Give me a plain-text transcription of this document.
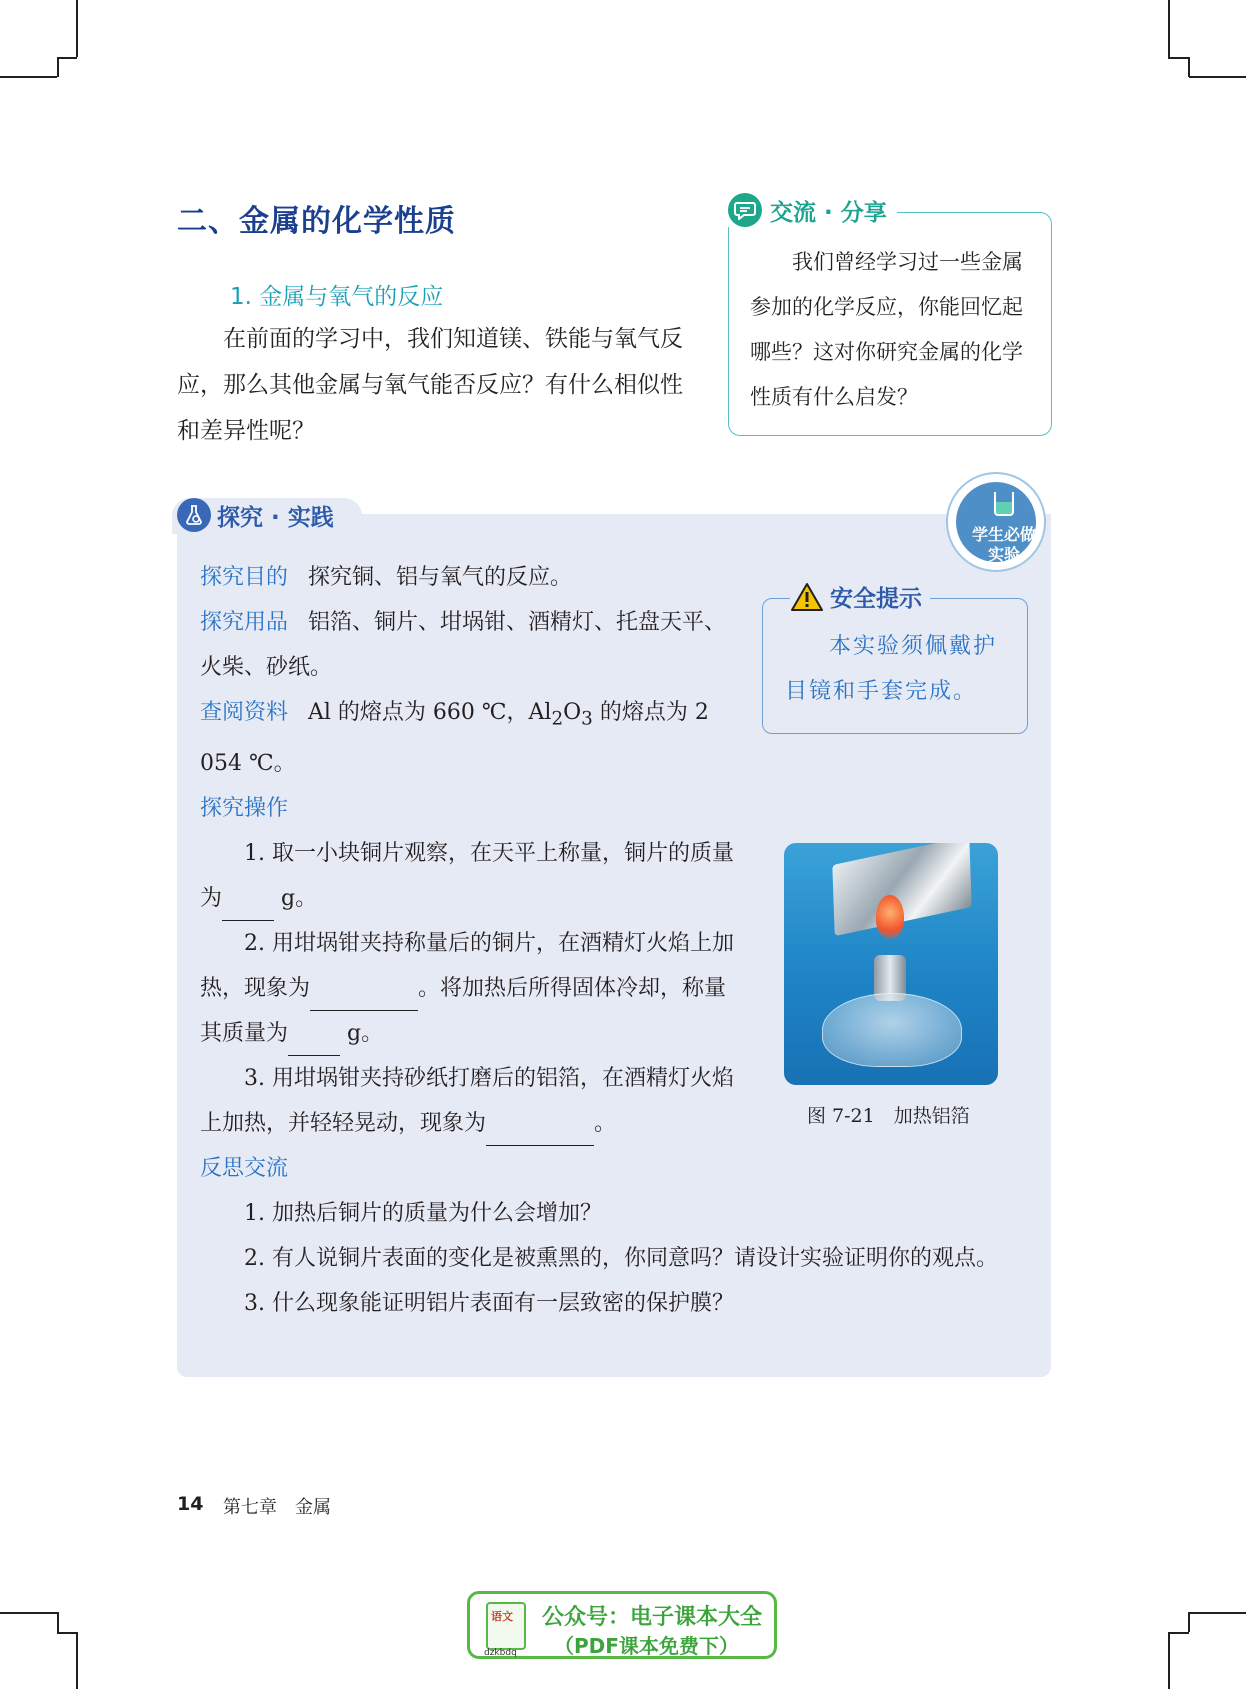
二、金属的化学性质
1. 金属与氧气的反应

在前面的学习中，我们知道镁、铁能与氧气反应，那么其他金属与氧气能否反应？有什么相似性和差异性呢？

交流 · 分享

我们曾经学习过一些金属参加的化学反应，你能回忆起哪些？这对你研究金属的化学性质有什么启发？

探究 · 实践
学生必做
实验

探究目的 探究铜、铝与氧气的反应。

探究用品 铝箔、铜片、坩埚钳、酒精灯、托盘天平、火柴、砂纸。

查阅资料 Al 的熔点为 660 ℃，$Al_2O_3$ 的熔点为 2 054 ℃。

探究操作

1. 取一小块铜片观察，在天平上称量，铜片的质量为 g。

2. 用坩埚钳夹持称量后的铜片，在酒精灯火焰上加热，现象为	。将加热后所得固体冷却，称量其质量为 g。

3. 用坩埚钳夹持砂纸打磨后的铝箔，在酒精灯火焰上加热，并轻轻晃动，现象为	。

反思交流

1. 加热后铜片的质量为什么会增加？

2. 有人说铜片表面的变化是被熏黑的，你同意吗？请设计实验证明你的观点。

3. 什么现象能证明铝片表面有一层致密的保护膜？

安全提示

本实验须佩戴护目镜和手套完成。

图 7-21　加热铝箔
14 第七章　金属
语文
dzkbdq
公众号：电子课本大全
（PDF课本免费下）
